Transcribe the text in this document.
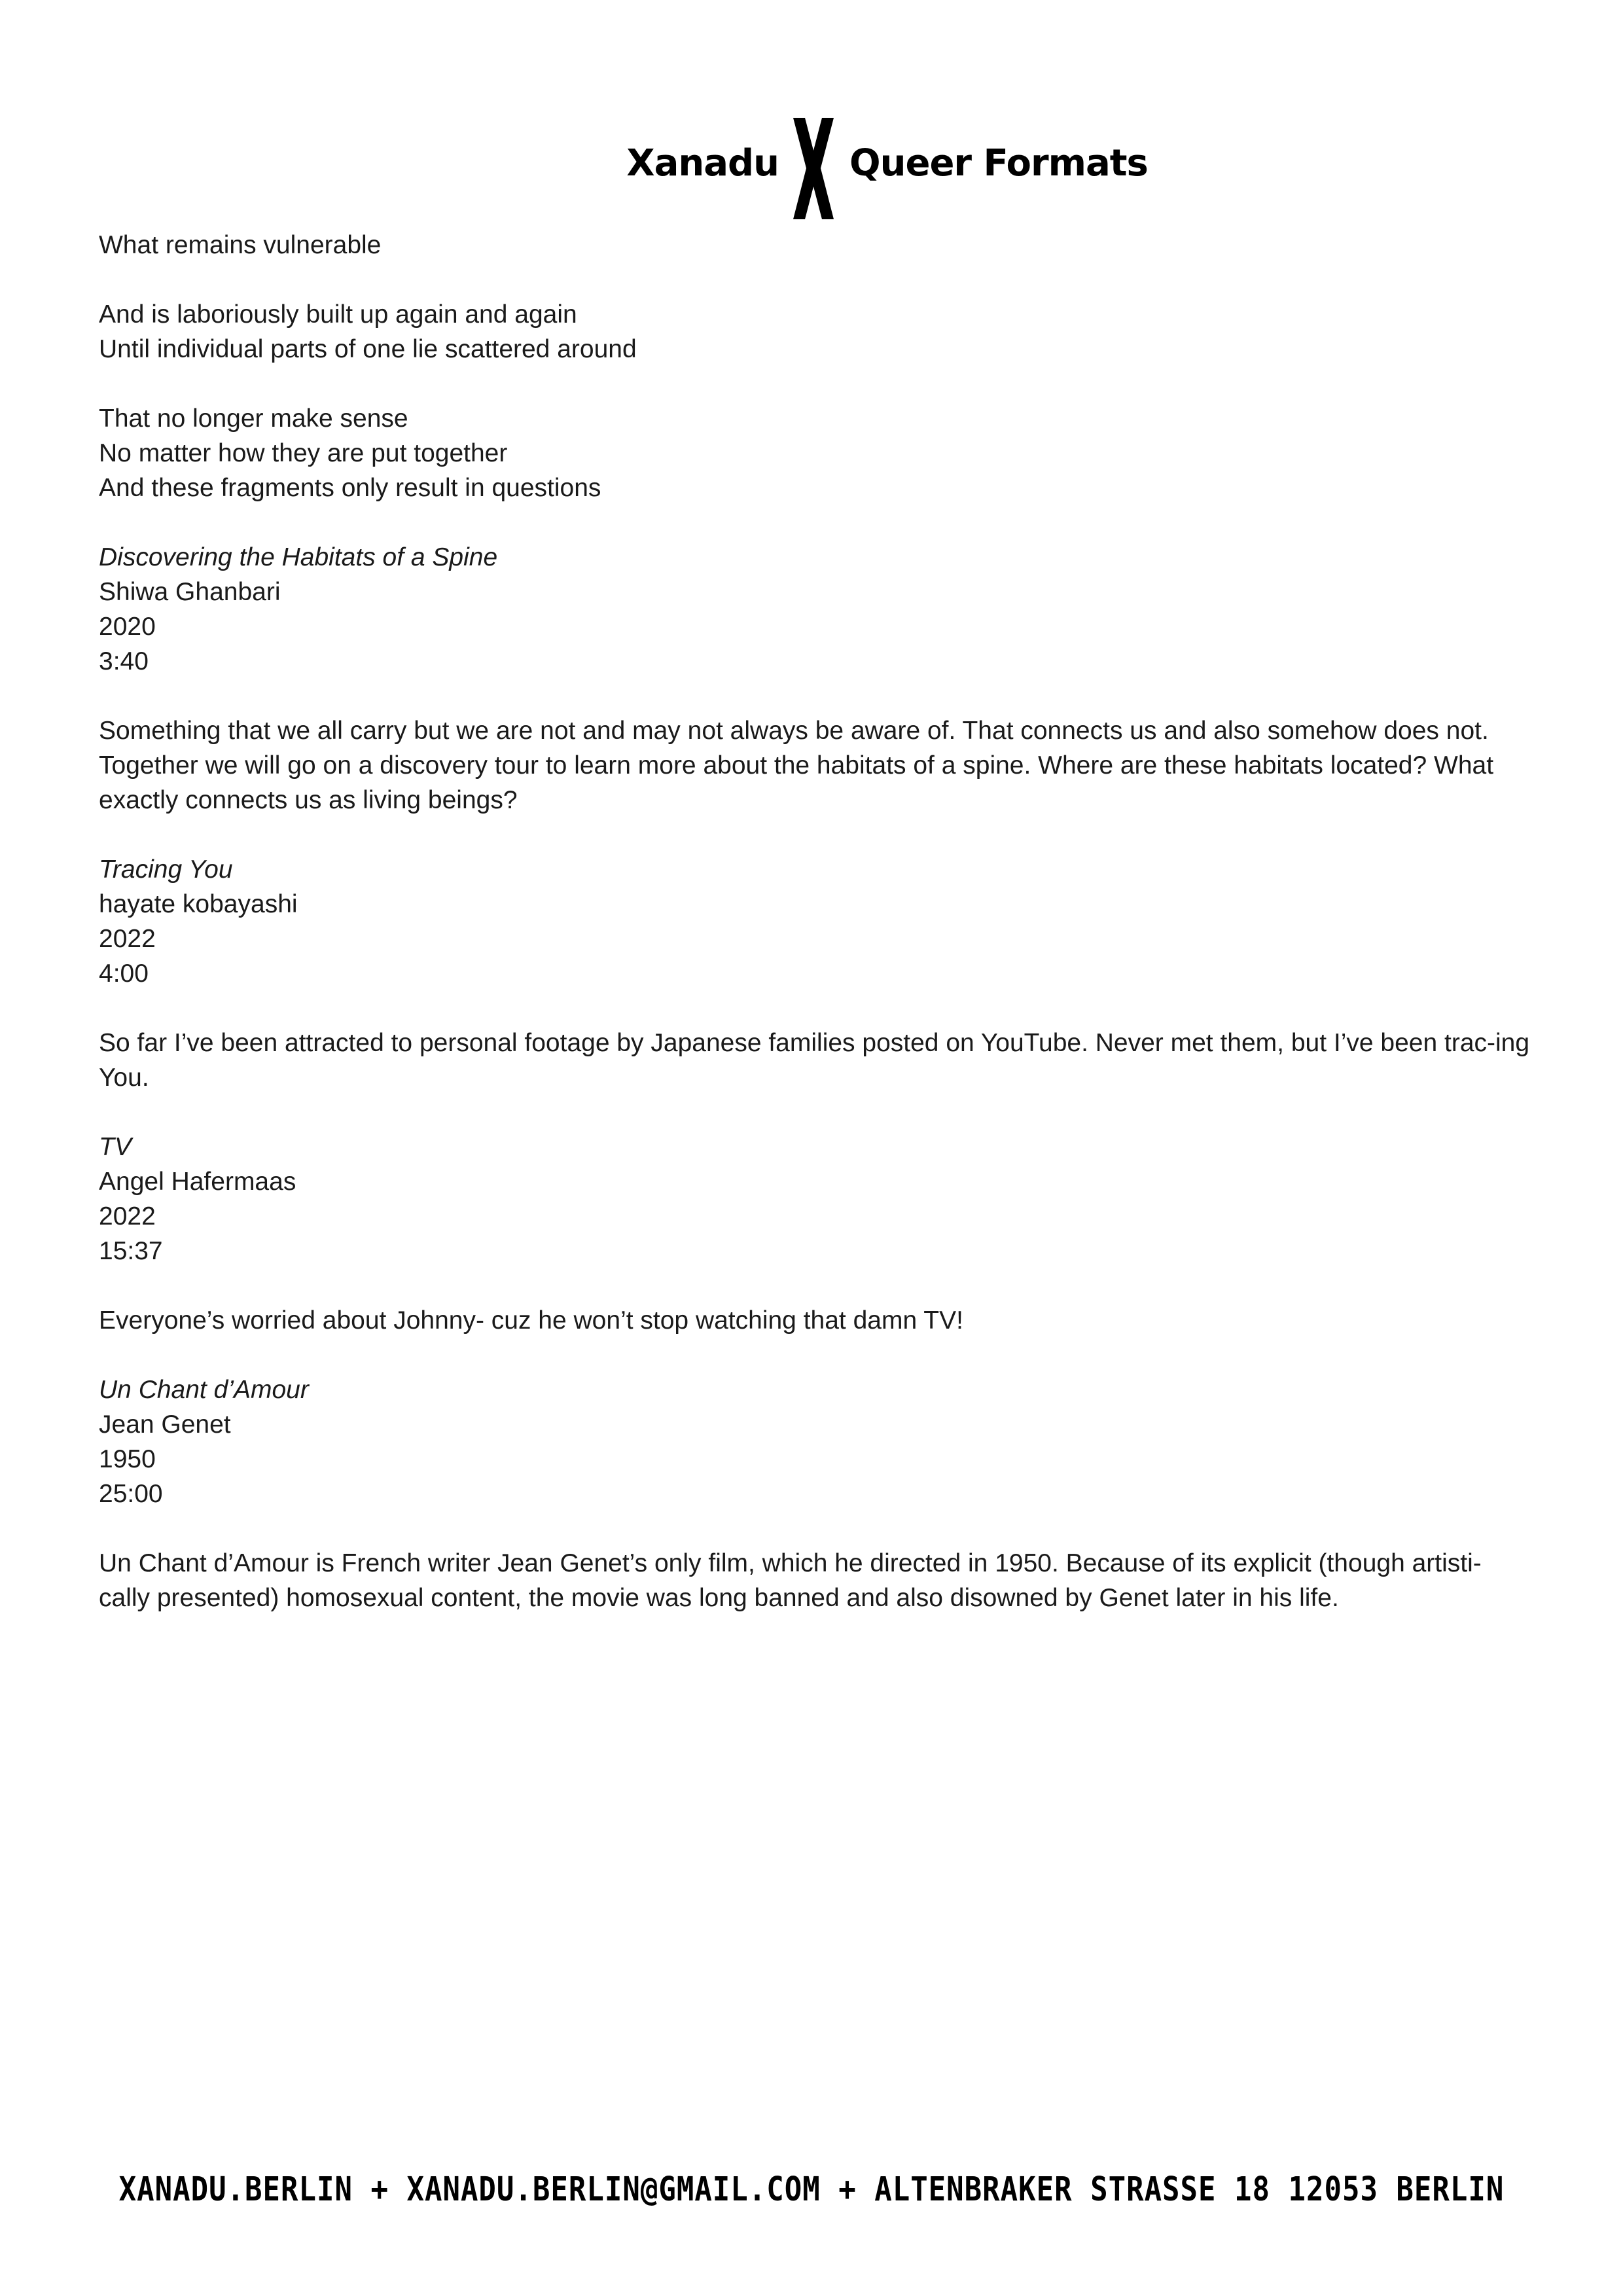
Xanadu Queer Formats
What remains vulnerable
And is laboriously built up again and again
Until individual parts of one lie scattered around
That no longer make sense
No matter how they are put together
And these fragments only result in questions
Discovering the Habitats of a Spine
Shiwa Ghanbari
2020
3:40
Something that we all carry but we are not and may not always be aware of. That connects us and also somehow does not. Together we will go on a discovery tour to learn more about the habitats of a spine. Where are these habitats located? What exactly connects us as living beings?
Tracing You
hayate kobayashi
2022
4:00
So far I’ve been attracted to personal footage by Japanese families posted on YouTube. Never met them, but I’ve been trac-ing You.
TV
Angel Hafermaas
2022
15:37
Everyone’s worried about Johnny- cuz he won’t stop watching that damn TV!
Un Chant d’Amour
Jean Genet
1950
25:00
Un Chant d’Amour is French writer Jean Genet’s only film, which he directed in 1950. Because of its explicit (though artisti-cally presented) homosexual content, the movie was long banned and also disowned by Genet later in his life.
XANADU.BERLIN + XANADU.BERLIN@GMAIL.COM + ALTENBRAKER STRASSE 18 12053 BERLIN
